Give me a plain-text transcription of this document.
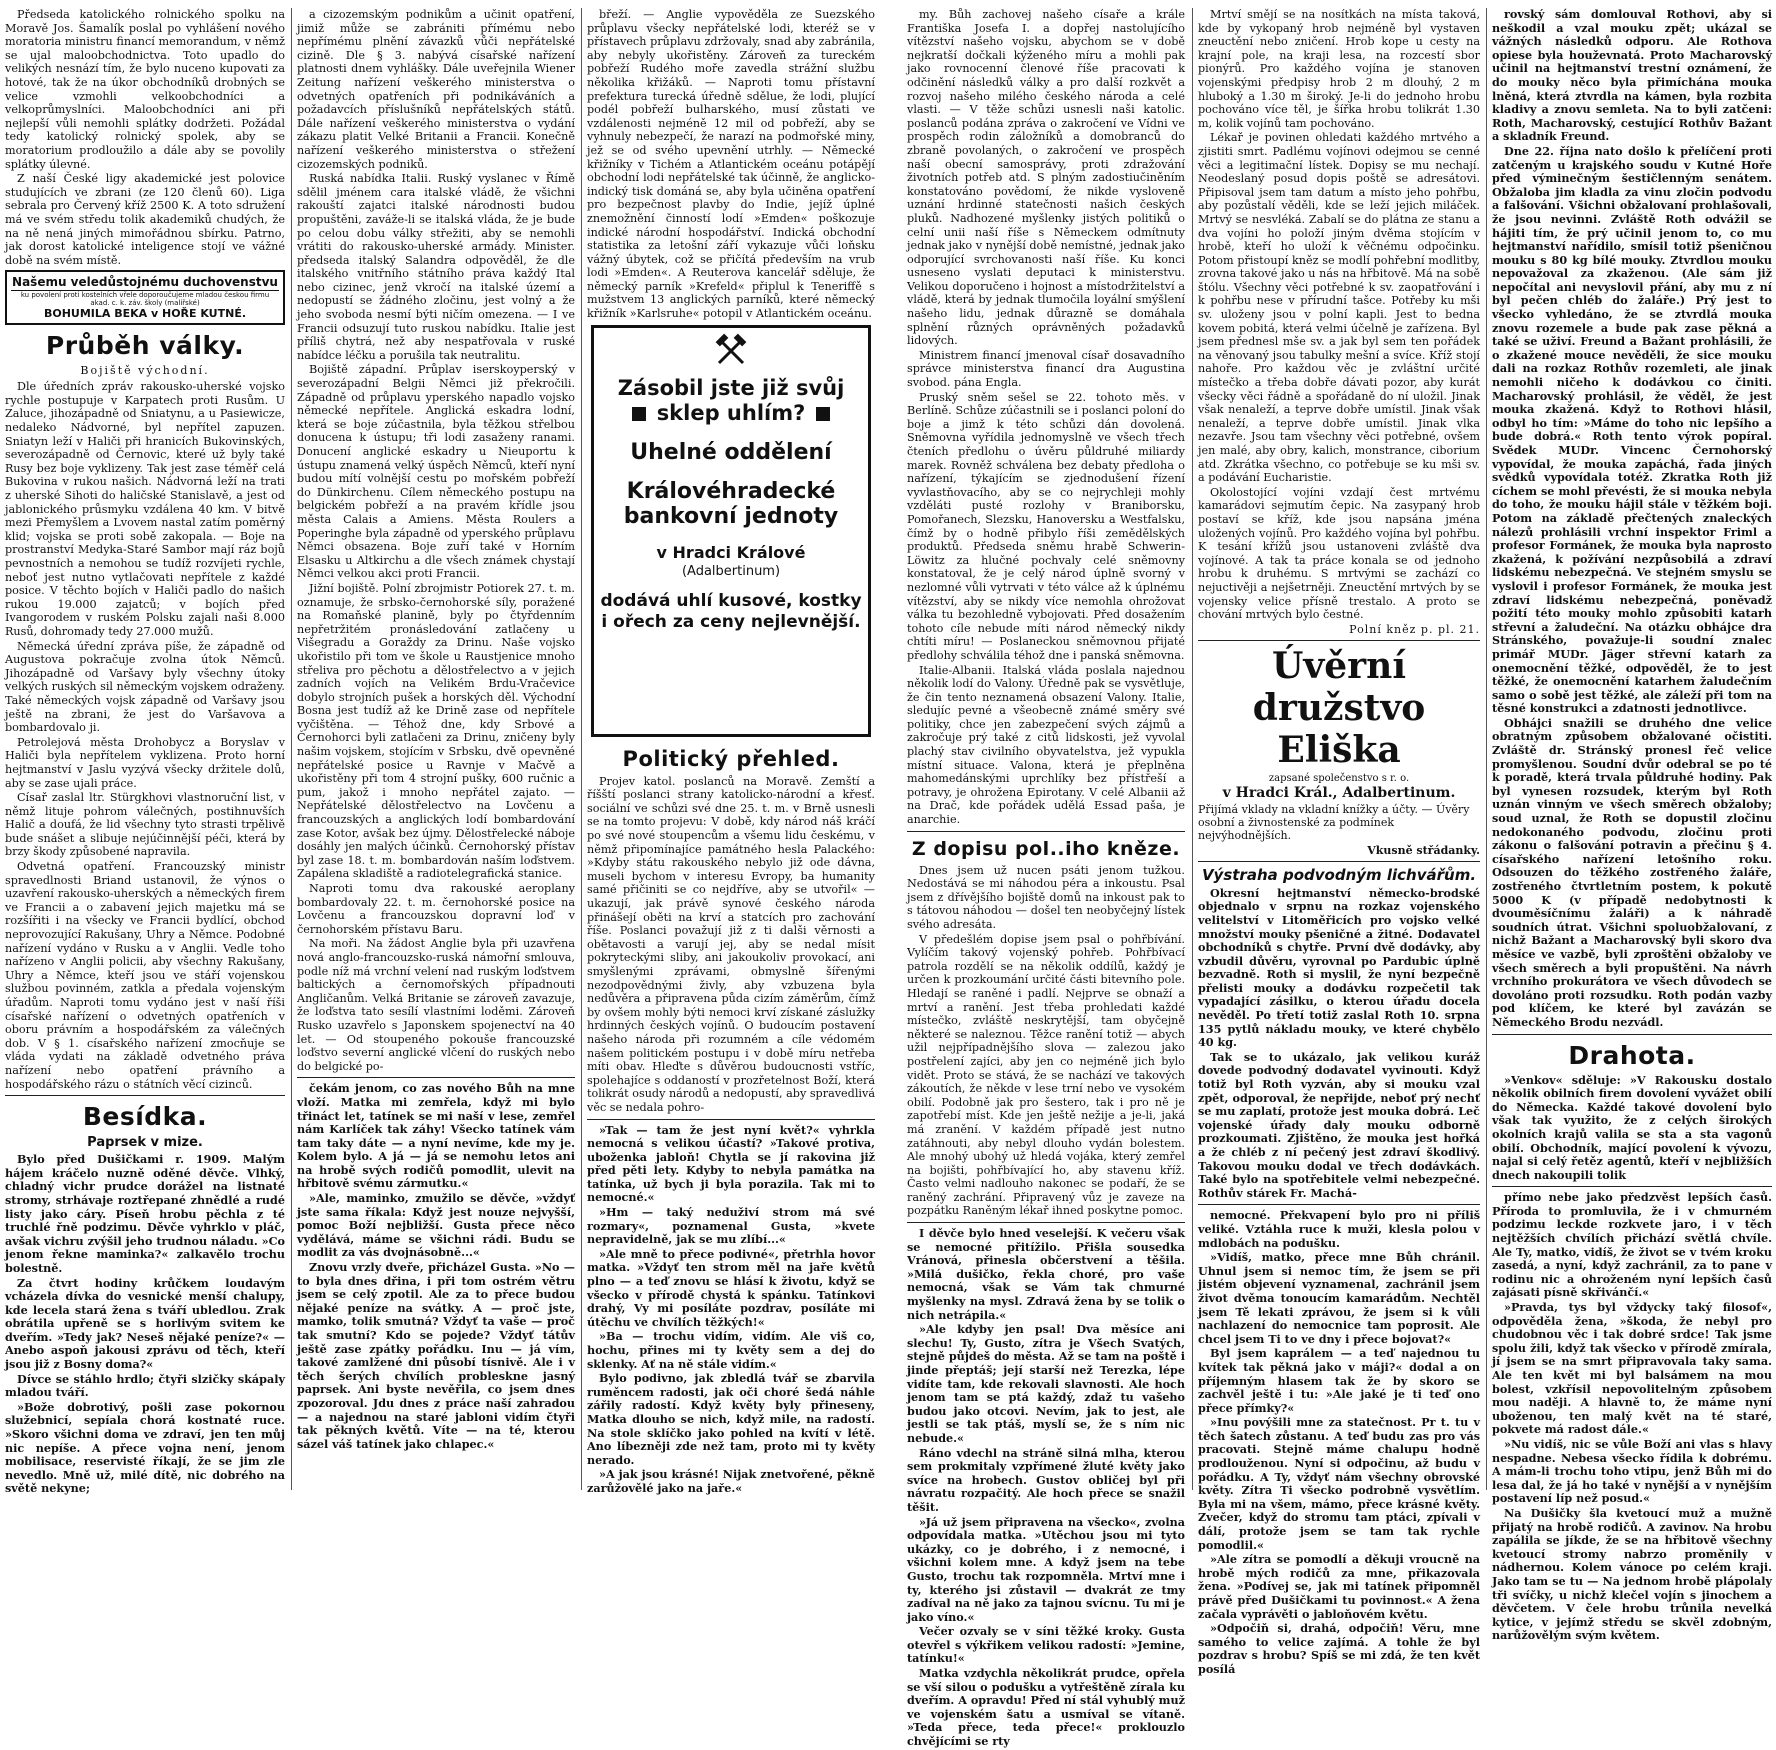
Předseda katolického rolnického spolku na Moravě Jos. Šamalík poslal po vyhlášení nového moratoria ministru financí memorandum, v němž se ujal maloobchodnictva. Toto upadlo do velikých nesnází tím, že bylo nuceno kupovati za hotové, tak že na úkor obchodníků drobných se velice vzmohli velkoobchodníci a velkoprůmyslníci. Maloobchodníci ani při nejlepší vůli nemohli splátky dodržeti. Požádal tedy katolický rolnický spolek, aby se moratorium prodloužilo a dále aby se povolily splátky úlevné.

Z naší České ligy akademické jest polovice studujících ve zbrani (ze 120 členů 60). Liga sebrala pro Červený kříž 2500 K. A toto sdružení má ve svém středu tolik akademiků chudých, že na ně nená jiných mimořádnou sbírku. Patrno, jak dorost katolické inteligence stojí ve vážné době na svém místě.

Našemu veledůstojnému duchovenstvu
ku povolení proti kostelních vřele doporoučujeme mladou českou firmu akad. c. k. záv. školy (malířské)
BOHUMILA BEKA v HOŘE KUTNÉ.
Průběh války.
Bojiště východní.

Dle úředních zpráv rakousko-uherské vojsko rychle postupuje v Karpatech proti Rusům. U Zaluce, jihozápadně od Sniatynu, a u Pasiewicze, nedaleko Nádvorné, byl nepřítel zapuzen. Sniatyn leží v Haliči při hranicích Bukovinských, severozápadně od Černovic, které už byly také Rusy bez boje vyklizeny. Tak jest zase téměř celá Bukovina v rukou našich. Nádvorná leží na trati z uherské Sihoti do haličské Stanislavě, a jest od jablonického průsmyku vzdálena 40 km. V bitvě mezi Přemyšlem a Lvovem nastal zatím poměrný klid; vojska se proti sobě zakopala. — Boje na prostranství Medyka-Staré Sambor mají ráz bojů pevnostních a nemohou se tudíž rozvíjeti rychle, neboť jest nutno vytlačovati nepřítele z každé posice. V těchto bojích v Haliči padlo do našich rukou 19.000 zajatců; v bojích před Ivangorodem v ruském Polsku zajali naši 8.000 Rusů, dohromady tedy 27.000 mužů.

Německá úřední zpráva píše, že západně od Augustova pokračuje zvolna útok Němců. Jihozápadně od Varšavy byly všechny útoky velkých ruských sil německým vojskem odraženy. Také německých vojsk západně od Varšavy jsou ještě na zbrani, že jest do Varšavova a bombardovalo ji.

Petrolejová města Drohobycz a Boryslav v Haliči byla nepřítelem vyklizena. Proto horní hejtmanství v Jaslu vyzývá všecky držitele dolů, aby se zase ujali práce.

Císař zaslal ltr. Stürgkhovi vlastnoruční list, v němž lituje pohrom válečných, postihnuvších Halič a doufá, že lid všechny tyto strasti trpělivě bude snášet a slibuje nejúčinnější péči, která by brzy škody způsobené napravila.

Odvetná opatření. Francouzský ministr spravedlnosti Briand ustanovil, že výnos o uzavření rakousko-uherských a německých firem ve Francii a o zabavení jejich majetku má se rozšířiti i na všecky ve Francii bydlící, obchod neprovozující Rakušany, Uhry a Němce. Podobné nařízení vydáno v Rusku a v Anglii. Vedle toho nařízeno v Anglii policii, aby všechny Rakušany, Uhry a Němce, kteří jsou ve stáří vojenskou službou povinném, zatkla a předala vojenským úřadům. Naproti tomu vydáno jest v naší říši císařské nařízení o odvetných opatřeních v oboru právním a hospodářském za válečných dob. V § 1. císařského nařízení zmocňuje se vláda vydati na základě odvetného práva nařízení nebo opatření právního a hospodářského rázu o státních věcí cizinců.

Besídka.
Paprsek v mize.

Bylo před Dušičkami r. 1909. Malým hájem kráčelo nuzně oděné děvče. Vlhký, chladný vichr prudce dorážel na listnaté stromy, strhávaje roztřepané zhnědlé a rudé listy jako cáry. Píseň hrobu pěchla z té truchlé řně podzimu. Děvče vyhrklo v pláč, avšak vichru zvýšil jeho trudnou náladu. »Co jenom řekne maminka?« zalkavělo trochu bolestně.

Za čtvrt hodiny krůčkem loudavým vcházela dívka do vesnické menší chalupy, kde lecela stará žena s tváří ubledlou. Zrak obrátila upřeně se s horlivým svitem ke dveřím. »Tedy jak? Neseš nějaké peníze?« — Anebo aspoň jakousi zprávu od těch, kteří jsou již z Bosny doma?«

Dívce se stáhlo hrdlo; čtyři slzičky skápaly mladou tváří.

»Bože dobrotivý, pošli zase pokornou služebnicí, sepíala chorá kostnaté ruce. »Skoro všichni doma ve zdraví, jen ten můj nic nepíše. A přece vojna není, jenom mobilisace, reservisté říkají, že se jim zle nevedlo. Mně už, milé dítě, nic dobrého na světě nekyne;

a cizozemským podnikům a učinit opatření, jimiž může se zabrániti přímému nebo nepřímému plnění závazků vůči nepřátelské cizině. Dle § 3. nabývá císařské nařízení platnosti dnem vyhlášky. Dále uveřejnila Wiener Zeitung nařízení veškerého ministerstva o odvetných opatřeních při podnikáváních a požadavcích příslušníků nepřátelských států. Dále nařízení veškerého ministerstva o vydání zákazu platit Velké Britanii a Francii. Konečně nařízení veškerého ministerstva o střežení cizozemských podniků.

Ruská nabídka Italii. Ruský vyslanec v Římě sdělil jménem cara italské vládě, že všichni rakouští zajatci italské národnosti budou propuštěni, zaváže-li se italská vláda, že je bude po celou dobu války střežiti, aby se nemohli vrátiti do rakousko-uherské armády. Minister. předseda italský Salandra odpověděl, že dle italského vnitřního státního práva každý Ital nebo cizinec, jenž vkročí na italské území a nedopustí se žádného zločinu, jest volný a že jeho svoboda nesmí býti ničím omezena. — I ve Francii odsuzují tuto ruskou nabídku. Italie jest příliš chytrá, než aby nespatřovala v ruské nabídce léčku a porušila tak neutralitu.

Bojiště západní. Průplav iserskoyperský v severozápadní Belgii Němci již překročili. Západně od průplavu yperského napadlo vojsko německé nepřítele. Anglická eskadra lodní, která se boje zúčastnila, byla těžkou střelbou donucena k ústupu; tři lodi zasaženy ranami. Donucení anglické eskadry u Nieuportu k ústupu znamená velký úspěch Němců, kteří nyní budou mítí volnější cestu po mořském pobřeží do Dünkirchenu. Cílem německého postupu na belgickém pobřeží a na pravém křídle jsou města Calais a Amiens. Města Roulers a Poperinghe byla západně od yperského průplavu Němci obsazena. Boje zuří také v Horním Elsasku u Altkirchu a dle všech známek chystají Němci velkou akci proti Francii.

Jižní bojiště. Polní zbrojmistr Potiorek 27. t. m. oznamuje, že srbsko-černohorské síly, poražené na Romaňské planině, byly po čtyřdenním nepřetržitém pronásledování zatlačeny u Višegradu a Goraždy za Drinu. Naše vojsko ukořistilo při tom ve škole u Raustjenice mnoho střeliva pro pěchotu a dělostřelectvo a v jejich zadních vojích na Velikém Brdu-Vračevice dobylo strojních pušek a horských děl. Východní Bosna jest tudíž až ke Drině zase od nepřítele vyčištěna. — Téhož dne, kdy Srbové a Černohorci byli zatlačeni za Drinu, zničeny byly našim vojskem, stojícím v Srbsku, dvě opevněné nepřátelské posice u Ravnje v Mačvě a ukořistěny při tom 4 strojní pušky, 600 ručnic a pum, jakož i mnoho nepřátel zajato. — Nepřátelské dělostřelectvo na Lovčenu a francouzských a anglických lodí bombardování zase Kotor, avšak bez újmy. Dělostřelecké náboje dosáhly jen malých účinků. Černohorský přístav byl zase 18. t. m. bombardován naším loďstvem. Zapálena skladiště a radiotelegrafická stanice.

Naproti tomu dva rakouské aeroplany bombardovaly 22. t. m. černohorské posice na Lovčenu a francouzskou dopravní loď v černohorském přístavu Baru.

Na moři. Na žádost Anglie byla při uzavřena nová anglo-francouzsko-ruská námořní smlouva, podle níž má vrchní velení nad ruským loďstvem baltických a černomořských případnouti Angličanům. Velká Britanie se zároveň zavazuje, že loďstva tato sesílí vlastními loděmi. Zároveň Rusko uzavřelo s Japonskem spojenectví na 40 let. — Od stoupeného pokouše francouzské loďstvo severní anglické vlčení do ruských nebo do belgické po-

čekám jenom, co zas nového Bůh na mne vloží. Matka mi zemřela, když mi bylo třináct let, tatínek se mi naší v lese, zemřel nám Karlíček tak záhy! Všecko tatínek vám tam taky dáte — a nyní nevíme, kde my je. Kolem bylo. A já — já se nemohu letos ani na hrobě svých rodičů pomodlit, ulevit na hřbitově svému zármutku.«

»Ale, maminko, zmužilo se děvče, »vždyť jste sama říkala: Když jest nouze nejvyšší, pomoc Boží nejbližší. Gusta přece něco vydělává, máme se všichni rádi. Budu se modlit za vás dvojnásobně...«

Znovu vrzly dveře, přicházel Gusta. »No — to byla dnes dřina, i při tom ostrém větru jsem se celý zpotil. Ale za to přece budou nějaké peníze na svátky. A — proč jste, mamko, tolik smutná? Vždyť ta vaše — proč tak smutní? Kdo se pojede? Vždyť tátův ještě zase zpátky pořádku. Inu — já vím, takové zamlžené dni působí tísnivě. Ale i v těch šerých chvílích probleskne jasný paprsek. Ani byste nevěřila, co jsem dnes zpozoroval. Jdu dnes z práce naší zahradou — a najednou na staré jabloni vidím čtyři tak pěkných květů. Víte — na té, kterou sázel váš tatínek jako chlapec.«

břeží. — Anglie vypověděla ze Suezského průplavu všecky nepřátelské lodi, kteréž se v přístavech průplavu zdržovaly, snad aby zabránila, aby nebyly ukořistěny. Zároveň za tureckém pobřeží Rudého moře zavedla strážní službu několika křižáků. — Naproti tomu přístavní prefektura turecká úředně sdělue, že lodi, plující podél pobřeží bulharského, musí zůstati ve vzdálenosti nejméně 12 mil od pobřeží, aby se vyhnuly nebezpečí, že narazí na podmořské miny, jež se od svého upevnění utrhly. — Německé křižníky v Tichém a Atlantickém oceánu potápějí obchodní lodi nepřátelské tak účinně, že anglicko-indický tisk dománá se, aby byla učiněna opatření pro bezpečnost plavby do Indie, jejíž úplné znemožnění činností lodí »Emden« poškozuje indické národní hospodářství. Indická obchodní statistika za letošní září vykazuje vůči loňsku vážný úbytek, což se přičítá především na vrub lodi »Emden«. A Reuterova kancelář sděluje, že německý parník »Krefeld« připlul k Teneriffě s mužstvem 13 anglických parníků, které německý křižník »Karlsruhe« potopil v Atlantickém oceánu.

Zásobil jste již svůj
sklep uhlím?
Uhelné oddělení
Královéhradecké
bankovní jednoty
v Hradci Králové
(Adalbertinum)
dodává uhlí kusové, kostky i ořech za ceny nejlevnější.
Politický přehled.

Projev katol. poslanců na Moravě. Zemští a říšští poslanci strany katolicko-národní a křesť. sociální ve schůzi své dne 25. t. m. v Brně usnesli se na tomto projevu: V době, kdy národ náš kráčí po své nové stoupencům a všemu lidu českému, v němž připomínajíce památného hesla Palackého: »Kdyby státu rakouského nebylo již ode dávna, museli bychom v interesu Evropy, ba humanity samé přičiniti se co nejdříve, aby se utvořil« — ukazují, jak právě synové českého národa přinášejí oběti na krví a statcích pro zachování říše. Poslanci považují již z ti dalši věrnosti a obětavosti a varují jej, aby se nedal mísit pokryteckými sliby, ani jakoukoliv provokací, ani smyšlenými zprávami, obmyslně šířenými nezodpovědnými živly, aby vzbuzena byla nedůvěra a připravena půda cizím záměrům, čímž by ovšem mohly býti nemoci krví získané záslužky hrdinných českých vojínů. O budoucím postavení našeho národa při rozumném a cíle védomém našem politickém postupu i v době míru netřeba míti obav. Hleďte s důvěrou budoucnosti vstříc, spolehajíce s oddaností v prozřetelnost Boží, která tolikrát osudy národů a nedopustí, aby spravedlivá věc se nedala pohro-

»Tak — tam že jest nyní květ?« vyhrkla nemocná s velikou účastí? »Takové protiva, uboženka jabloň! Chytla se jí rakovina již před pěti lety. Kdyby to nebyla památka na tatínka, už bych ji byla porazila. Tak mi to nemocné.«

»Hm — taký neduživí strom má své rozmary«, poznamenal Gusta, »kvete nepravidelně, jak se mu zlíbí...«

»Ale mně to přece podivné«, přetrhla hovor matka. »Vždyť ten strom měl na jaře květů plno — a teď znovu se hlásí k životu, když se všecko v přírodě chystá k spánku. Tatínkovi drahý, Vy mi posíláte pozdrav, posíláte mi útěchu ve chvílích těžkých!«

»Ba — trochu vidím, vidím. Ale viš co, hochu, přines mi ty květy sem a dej do sklenky. Ať na ně stále vidím.«

Bylo podivno, jak zbledlá tvář se zbarvila ruměncem radosti, jak oči choré šedá náhle zářily radostí. Když květy byly přineseny, Matka dlouho se nich, když mile, na radostí. Na stole sklíčko jako pohled na kvítí v létě. Ano líbezněji zde než tam, proto mi ty květy nerado.

»A jak jsou krásné! Nijak znetvořené, pěkně zarůžovělé jako na jaře.«

my. Bůh zachovej našeho císaře a krále Františka Josefa I. a dopřej nastolujícího vítězství našeho vojsku, abychom se v době nejkratší dočkali kýženého míru a mohli pak jako rovnocenní členové říše pracovati k odčinění následků války a pro další rozkvět a rozvoj našeho milého českého národa a celé vlasti. — V těže schůzi usnesli naši katolic. poslanců podána zpráva o zakročení ve Vídni ve prospěch rodin záložníků a domobranců do zbraně povolaných, o zakročení ve prospěch naší obecní samosprávy, proti zdražování životních potřeb atd. S plným zadostiučiněním konstatováno povědomí, že nikde vysloveně uznání hrdinné statečnosti našich českých pluků. Nadhozené myšlenky jistých politiků o celní unii naší říše s Německem odmítnuty jednak jako v nynější době nemístné, jednak jako odporující svrchovanosti naší říše. Ku konci usneseno vyslati deputaci k ministerstvu. Velikou doporučeno i hojnost a místodržitelství a vládě, která by jednak tlumočila loyální smýšlení našeho lidu, jednak důrazně se domáhala splnění různých oprávněných požadavků lidových.

Ministrem financí jmenoval císař dosavadního správce ministerstva financí dra Augustina svobod. pána Engla.

Pruský sněm sešel se 22. tohoto měs. v Berlíně. Schůze zúčastnili se i poslanci poloní do boje a jimž k této schůzi dán dovolená. Sněmovna vyřídila jednomyslně ve všech třech čteních předlohu o úvěru půldruhé miliardy marek. Rovněž schválena bez debaty předloha o nařízení, týkajícím se zjednodušení řízení vyvlastňovacího, aby se co nejrychleji mohly vzděláti pusté rozlohy v Braniborsku, Pomořanech, Slezsku, Hanoversku a Westfalsku, čímž by o hodně přibylo říši zemědělských produktů. Předseda sněmu hrabě Schwerin-Löwitz za hlučné pochvaly celé sněmovny konstatoval, že je celý národ úplně svorný v nezlomné vůli vytrvati v této válce až k úplnému vítězství, aby se nikdy více nemohla ohrožovat válka tu bezohledně vybojovati. Před dosažením tohoto cíle nebude míti národ německý nikdy chtíti míru! — Poslaneckou sněmovnou přijaté předlohy schválila téhož dne i panská sněmovna.

Italie-Albanii. Italská vláda poslala najednou několik lodí do Valony. Úředně pak se vysvětluje, že čin tento neznamená obsazení Valony. Italie, sledujíc pevné a všeobecně známé směry své politiky, chce jen zabezpečení svých zájmů a zakročuje prý také z citů lidskosti, jež vyvolal plachý stav civilního obyvatelstva, jež vypukla místní situace. Valona, která je přeplněna mahomedánskými uprchlíky bez přístřeší a potravy, je ohrožena Epirotany. V celé Albanii až na Drač, kde pořádek udělá Essad paša, je anarchie.

Z dopisu pol..iho kněze.

Dnes jsem už nucen psáti jenom tužkou. Nedostává se mi náhodou péra a inkoustu. Psal jsem z dřívějšího bojiště domů na inkoust pak to s tátovou náhodou — došel ten neobyčejný lístek svého adresáta.

V předešlém dopise jsem psal o pohřbívání. Vylíčím takový vojenský pohřeb. Pohřbívací patrola rozdělí se na několik oddílů, každý je určen k prozkoumání určité části bitevního pole. Hledají se raněné i padlí. Nejprve se obnaží a mrtví a ranění. Jest třeba prohledati každé místečko, zvláště neskrytější, tam obyčejně některé se naleznou. Těžce ranění totiž — abych užil nejpřípadnějšího slova — zalezou jako postřelení zajíci, aby jen co nejméně jich bylo vidět. Proto se stává, že se nachází ve takových zákoutích, že někde v lese trní nebo ve vysokém obilí. Podobně jak pro šestero, tak i pro ně je zapotřebí míst. Kde jen ještě nežije a je-li, jaká má zranění. V každém případě jest nutno zatáhnouti, aby nebyl dlouho vydán bolestem. Ale mnohý ubohý už hledá vojáka, který zemřel na bojišti, pohřbívající ho, aby stavenu kříž. Často velmi nadlouho nakonec se podaří, že se raněný zachrání. Připravený vůz je zaveze na pozpátku Raněným lékař ihned poskytne pomoc.

I děvče bylo hned veselejší. K večeru však se nemocné přitížilo. Přišla sousedka Vránová, přinesla občerstvení a těšila. »Milá dušičko, řekla choré, pro vaše nemocná, však se Vám tak chmurné myšlenky na mysl. Zdravá žena by se tolik o nich netrápila.«

»Ale kdyby jen psal! Dva měsíce ani slechu! Ty, Gusto, zítra je Všech Svatých, stejně půjdeš do města. Až se tam na poště i jinde přeptáš; její starší než Terezka, lépe vidíte tam, kde rekovali slavnosti. Ale hoch jenom tam se ptá každý, zdaž tu vašeho budou jako otcovi. Nevím, jak to jest, ale jestli se tak ptáš, myslí se, že s ním nic nebude.«

Ráno vdechl na stráně silná mlha, kterou sem prokmitaly vzpřímené žluté květy jako svíce na hrobech. Gustov obličej byl při návratu rozpačitý. Ale hoch přece se snažil těšit.

»Já už jsem připravena na všecko«, zvolna odpovídala matka. »Utěchou jsou mi tyto ukázky, co je dobrého, i z nemocné, i všichni kolem mne. A když jsem na tebe Gusto, trochu tak rozpomněla. Mrtví mne i ty, kterého jsi zůstavil — dvakrát ze tmy zadíval na ně jako za tajnou svícnu. Tu mi je jako víno.«

Večer ozvaly se v síni těžké kroky. Gusta otevřel s výkřikem velikou radostí: »Jemine, tatínku!«

Matka vzdychla několikrát prudce, opřela se vší silou o podušku a vytřeštěně zírala ku dveřím. A opravdu! Před ní stál vyhublý muž ve vojenském šatu a usmíval se vítaně. »Teda přece, teda přece!« proklouzlo chvějícími se rty

Mrtví smějí se na nosítkách na místa taková, kde by vykopaný hrob nejméně byl vystaven zneuctění nebo zničení. Hrob kope u cesty na krajní pole, na kraji lesa, na rozcestí sbor pionýrů. Pro každého vojína je stanoven vojenskými předpisy hrob 2 m dlouhý, 2 m hluboký a 1.30 m široký. Je-li do jednoho hrobu pochováno více těl, je šířka hrobu tolikrát 1.30 m, kolik vojínů tam pochováno.

Lékař je povinen ohledati každého mrtvého a zjistiti smrt. Padlému vojínovi odejmou se cenné věci a legitimační lístek. Dopisy se mu nechají. Neodeslaný posud dopis poště se adresátovi. Připisoval jsem tam datum a místo jeho pohřbu, aby pozůstalí věděli, kde se leží jejich miláček. Mrtvý se nesvléká. Zabalí se do plátna ze stanu a dva vojíni ho položí jiným dvěma stojícím v hrobě, kteří ho uloží k věčnému odpočinku. Potom přistoupí kněz se modlí pohřební modlitby, zrovna takové jako u nás na hřbitově. Má na sobě štólu. Všechny věci potřebné k sv. zaopatřování i k pohřbu nese v přírudní tašce. Potřeby ku mši sv. uloženy jsou v polní kapli. Jest to bedna kovem pobitá, která velmi účelně je zařízena. Byl jsem přednesl mše sv. a jak byl sem ten pořádek na věnovaný jsou tabulky mešní a svíce. Kříž stojí nahoře. Pro každou věc je zvláštní určité místečko a třeba dobře dávati pozor, aby kurát všecky věci řádně a spořádaně do ní uložil. Jinak však nenaleží, a teprve dobře umístil. Jinak však nenaleží, a teprve dobře umístil. Jinak vlka nezavře. Jsou tam všechny věci potřebné, ovšem jen malé, aby obry, kalich, monstrance, ciborium atd. Zkrátka všechno, co potřebuje se ku mši sv. a podávání Eucharistie.

Okolostojící vojíni vzdají čest mrtvému kamarádovi sejmutím čepic. Na zasypaný hrob postaví se kříž, kde jsou napsána jména uložených vojínů. Pro každého vojína byl pohřbu. K tesání křížů jsou ustanoveni zvláště dva vojínové. A tak ta práce konala se od jednoho hrobu k druhému. S mrtvými se zachází co nejuctivěji a nejšetrněji. Zneuctění mrtvých by se vojensky velice přísně trestalo. A proto se chování mrtvých bylo čestné.

Polní kněz p. pl. 21.
Úvěrní družstvo Eliška
zapsané společenstvo s r. o.
v Hradci Král., Adalbertinum.
Přijímá vklady na vkladní knížky a účty. — Úvěry osobní a živnostenské za podmínek nejvýhodnějších.
Vkusně střádanky.
Výstraha podvodným lichvářům.

Okresní hejtmanství německo-brodské objednalo v srpnu na rozkaz vojenského velitelství v Litoměřicích pro vojsko velké množství mouky pšeničné a žitné. Dodavatel obchodníků s chytře. První dvě dodávky, aby vzbudil důvěru, vyrovnal po Pardubic úplně bezvadně. Roth si myslil, že nyní bezpečně přelisti mouky a dodávku rozpečetil tak vypadající zásilku, o kterou úřadu docela nevěděl. Po třetí totiž zaslal Roth 10. srpna 135 pytlů nákladu mouky, ve které chybělo 40 kg.

Tak se to ukázalo, jak velikou kuráž dovede podvodný dodavatel vyvinouti. Když totiž byl Roth vyzván, aby si mouku vzal zpět, odporoval, že nepřijde, neboť prý nechť se mu zaplatí, protože jest mouka dobrá. Leč vojenské úřady daly mouku odborně prozkoumati. Zjištěno, že mouka jest hořká a že chléb z ní pečený jest zdraví škodlivý. Takovou mouku dodal ve třech dodávkách. Také bylo na spotřebitele velmi nebezpečné. Rothův stárek Fr. Machá-

nemocné. Překvapení bylo pro ni příliš veliké. Vztáhla ruce k muži, klesla polou v mdlobách na podušku.

»Vidíš, matko, přece mne Bůh chránil. Uhnul jsem si nemoc tím, že jsem se při jistém objevení vyznamenal, zachránil jsem život dvěma tonoucím kamarádům. Nechtěl jsem Tě lekati zprávou, že jsem si k vůli nachlazení do nemocnice tam poprosit. Ale chcel jsem Ti to ve dny i přece bojovat?«

Byl jsem kaprálem — a teď najednou tu kvítek tak pěkná jako v máji?« dodal a on příjemným hlasem tak že by skoro se zachvěl ještě i tu: »Ale jaké je ti teď ono přece přímky?«

»Inu povýšili mne za statečnost. Pr t. tu v těch šatech zůstanu. A teď budu zas pro vás pracovati. Stejně máme chalupu hodně prodlouženou. Nyní si odpočinu, až budu v pořádku. A Ty, vždyť nám všechny obrovské květy. Zítra Ti všecko podrobně vysvětlím. Byla mi na všem, mámo, přece krásné květy. Zvečer, když do stromu tam ptáci, zpívali v dálí, protože jsem se tam tak rychle pomodlil.«

»Ale zítra se pomodlí a děkuji vroucně na hrobě mých rodičů za mne, přikazovala žena. »Podívej se, jak mi tatínek připomněl právě před Dušičkami tu povinnost.« A žena začala vyprávěti o jabloňovém květu.

»Odpočiň si, drahá, odpočiň! Věru, mne samého to velice zajímá. A tohle že byl pozdrav s hrobu? Spíš se mi zdá, že ten květ posílá

rovský sám domlouval Rothovi, aby si neškodil a vzal mouku zpět; ukázal se vážných následků odporu. Ale Rothova opiese byla houževnatá. Proto Macharovský učinil na hejtmanství trestní oznámení, že do mouky něco byla přimíchána mouka lněná, která ztvrdla na kámen, byla rozbita kladivy a znovu semleta. Na to byli zatčeni: Roth, Macharovský, cestující Rothův Bažant a skladník Freund.

Dne 22. října nato došlo k přelíčení proti zatčeným u krajského soudu v Kutné Hoře před výminečným šestičlenným senátem. Obžaloba jim kladla za vinu zločin podvodu a falšování. Všichni obžalovaní prohlašovali, že jsou nevinni. Zvláště Roth odvážil se hájiti tím, že prý učinil jenom to, co mu hejtmanství nařídilo, smísil totiž pšeničnou mouku s 80 kg bílé mouky. Ztvrdlou mouku nepovažoval za zkaženou. (Ale sám již nepočítal ani nevyslovil přání, aby mu z ní byl pečen chléb do žaláře.) Prý jest to všecko vyhledáno, že se ztvrdlá mouka znovu rozemele a bude pak zase pěkná a také se uživí. Freund a Bažant prohlásili, že o zkažené mouce nevěděli, že sice mouku dali na rozkaz Rothův rozemleti, ale jinak nemohli ničeho k dodávkou co činiti. Macharovský prohlásil, že věděl, že jest mouka zkažená. Když to Rothovi hlásil, odbyl ho tím: »Máme do toho nic lepšího a bude dobrá.« Roth tento výrok popíral. Svědek MUDr. Vincenc Černohorský vypovídal, že mouka zapáchá, řada jiných svědků vypovídala totéž. Zkratka Roth již cíchem se mohl převésti, že si mouka nebyla do toho, že mouku hájil stále v těžkém boji. Potom na základě přečtených znaleckých nálezů prohlásili vrchní inspektor Friml a profesor Formánek, že mouka byla naprosto zkažená, k požívání nezpůsobilá a zdraví lidskému nebezpečná. Ve stejném smyslu se vyslovil i profesor Formánek, že mouka jest zdraví lidskému nebezpečná, poněvadž požití této mouky mohlo způsobiti katarh střevní a žaludeční. Na otázku obhájce dra Stránského, považuje-li soudní znalec primář MUDr. Jäger střevní katarh za onemocnění těžké, odpověděl, že to jest těžké, že onemocnění katarhem žaludečním samo o sobě jest těžké, ale záleží při tom na těsné konstrukci a zdatnosti jednotlivce.

Obhájci snažili se druhého dne velice obratným způsobem obžalované očistiti. Zvláště dr. Stránský pronesl řeč velice promyšlenou. Soudní dvůr odebral se po té k poradě, která trvala půldruhé hodiny. Pak byl vynesen rozsudek, kterým byl Roth uznán vinným ve všech směrech obžaloby; soud uznal, že Roth se dopustil zločinu nedokonaného podvodu, zločinu proti zákonu o falšování potravin a přečinu § 4. císařského nařízení letošního roku. Odsouzen do těžkého zostřeného žaláře, zostřeného čtvrtletním postem, k pokutě 5000 K (v případě nedobytnosti k dvouměsíčnímu žaláři) a k náhradě soudních útrat. Všichni spoluobžalovaní, z nichž Bažant a Macharovský byli skoro dva měsíce ve vazbě, byli zproštěni obžaloby ve všech směrech a byli propuštěni. Na návrh vrchního prokurátora ve všech důvodech se dovoláno proti rozsudku. Roth podán vazby pod klíčem, ke které byl zavázán se Německého Brodu nezvádl.

Drahota.

»Venkov« sděluje: »V Rakousku dostalo několik obilních firem dovolení vyvážet obilí do Německa. Každé takové dovolení bylo však tak využito, že z celých širokých okolních krajů valila se sta a sta vagonů obilí. Obchodník, mající povolení k vývozu, najal si celý řetěz agentů, kteří v nejbližších dnech nakoupili tolik

přímo nebe jako předzvěst lepších časů. Příroda to promluvila, že i v chmurném podzimu leckde rozkvete jaro, i v těch nejtěžších chvílích přichází světlá chvíle. Ale Ty, matko, vidíš, že život se v tvém kroku zasedá, a nyní, když zachránil, za to pane v rodinu nic a ohroženém nyní lepších časů zajásati písně skřivánčí.«

»Pravda, tys byl vždycky taký filosof«, odpověděla žena, »škoda, že nebyl pro chudobnou věc i tak dobré srdce! Tak jsme spolu žili, když tak všecko v přírodě zmírala, jí jsem se na smrt připravovala taky sama. Ale ten květ mi byl balsámem na mou bolest, vzkřísil nepovolitelným způsobem mou naději. A hlavně to, že máme nyní uboženou, ten malý květ na té staré, pokvete má radost dále.«

»Nu vidíš, nic se vůle Boží ani vlas s hlavy nespadne. Nebesa všecko řídila k dobrému. A mám-li trochu toho vtipu, jenž Bůh mi do lesa dal, že já ho také v nynější a v nynějším postavení líp než posud.«

Na Dušičky šla kvetoucí muž a mužně přijatý na hrobě rodičů. A zavinov. Na hrobu zapálila se jíkde, že se na hřbitově všechny kvetoucí stromy nabrzo proměnily v nádhernou. Kolem vánoce po celém kraji. Jako tam se tu — Na jednom hrobě plápolaly tři svíčky, u nichž klečel vojín s jinochem a děvčetem. V čele hrobu trůnila nevelká kytice, v jejímž středu se skvěl zdobným, narůžovělým svým květem.
